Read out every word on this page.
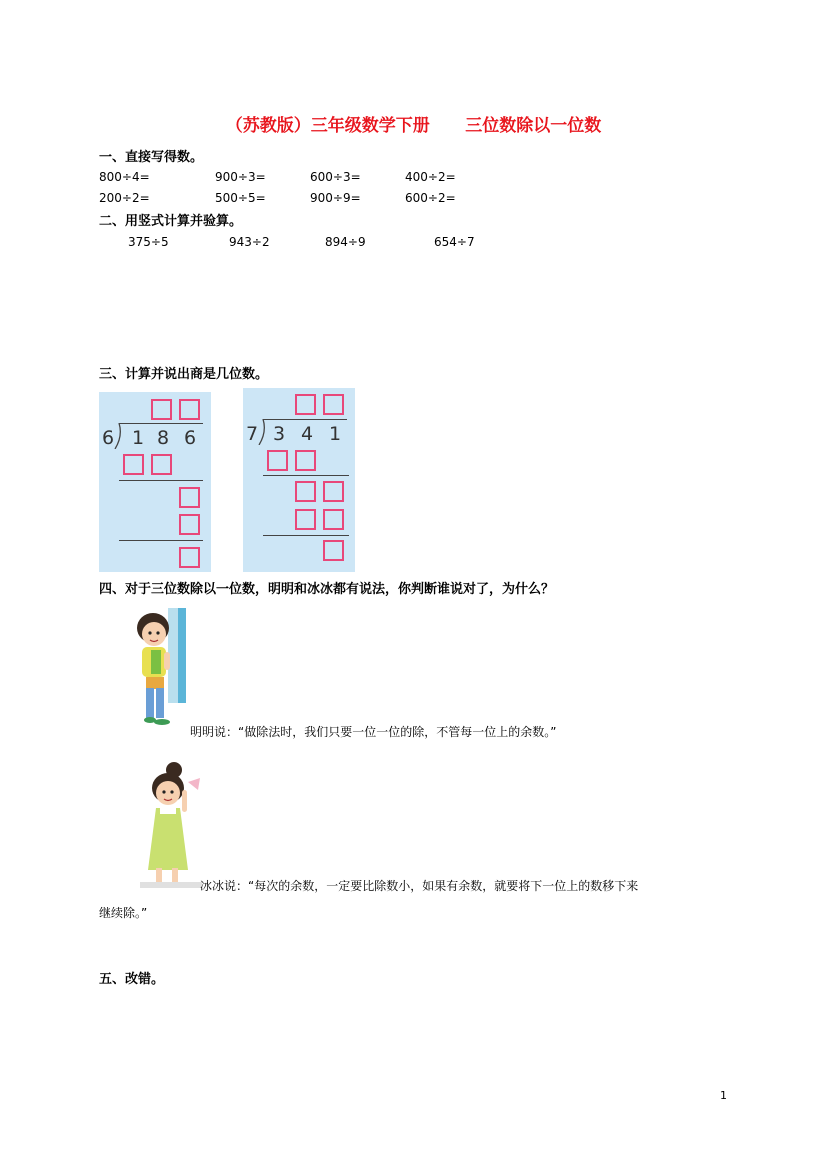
（苏教版）三年级数学下册      三位数除以一位数
一、直接写得数。
800÷4=	900÷3=	600÷3=	400÷2=
200÷2=	500÷5=	900÷9=	600÷2=
二、用竖式计算并验算。
375÷5	943÷2	894÷9	654÷7
三、计算并说出商是几位数。
6 1 8 6	7 3 4 1
四、对于三位数除以一位数，明明和冰冰都有说法，你判断谁说对了，为什么？
明明说：“做除法时，我们只要一位一位的除，不管每一位上的余数。”
冰冰说：“每次的余数，一定要比除数小，如果有余数，就要将下一位上的数移下来
继续除。”
五、改错。
1
